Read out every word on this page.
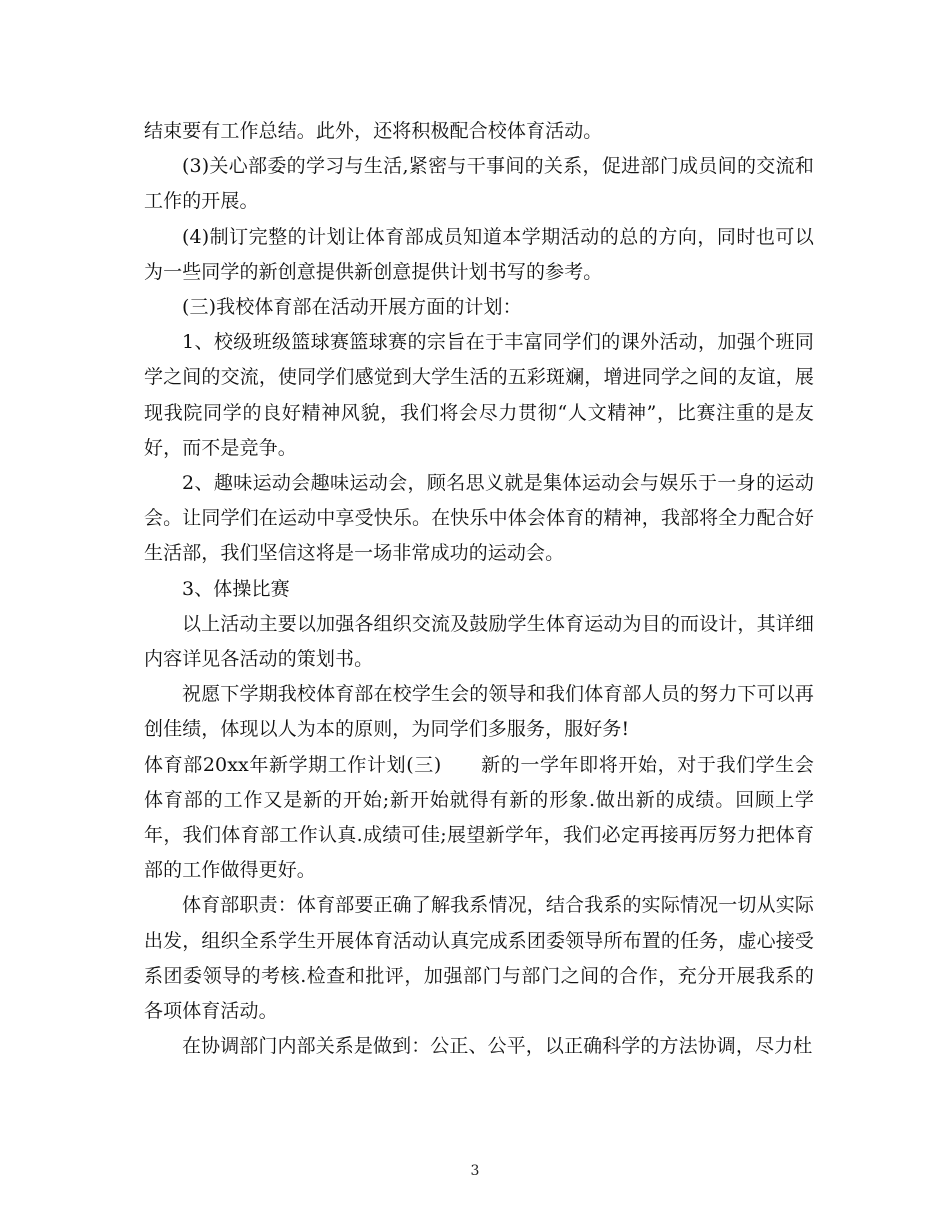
结束要有工作总结。此外，还将积极配合校体育活动。

(3)关心部委的学习与生活,紧密与干事间的关系，促进部门成员间的交流和工作的开展。

(4)制订完整的计划让体育部成员知道本学期活动的总的方向，同时也可以为一些同学的新创意提供新创意提供计划书写的参考。

(三)我校体育部在活动开展方面的计划：

1、校级班级篮球赛篮球赛的宗旨在于丰富同学们的课外活动，加强个班同学之间的交流，使同学们感觉到大学生活的五彩斑斓，增进同学之间的友谊，展现我院同学的良好精神风貌，我们将会尽力贯彻“人文精神”，比赛注重的是友好，而不是竞争。

2、趣味运动会趣味运动会，顾名思义就是集体运动会与娱乐于一身的运动会。让同学们在运动中享受快乐。在快乐中体会体育的精神，我部将全力配合好生活部，我们坚信这将是一场非常成功的运动会。

3、体操比赛

以上活动主要以加强各组织交流及鼓励学生体育运动为目的而设计，其详细内容详见各活动的策划书。

祝愿下学期我校体育部在校学生会的领导和我们体育部人员的努力下可以再创佳绩，体现以人为本的原则，为同学们多服务，服好务!

体育部20xx年新学期工作计划(三)　　新的一学年即将开始，对于我们学生会体育部的工作又是新的开始;新开始就得有新的形象.做出新的成绩。回顾上学年，我们体育部工作认真.成绩可佳;展望新学年，我们必定再接再厉努力把体育部的工作做得更好。

体育部职责：体育部要正确了解我系情况，结合我系的实际情况一切从实际出发，组织全系学生开展体育活动认真完成系团委领导所布置的任务，虚心接受系团委领导的考核.检查和批评，加强部门与部门之间的合作，充分开展我系的各项体育活动。

在协调部门内部关系是做到：公正、公平，以正确科学的方法协调，尽力杜

3
